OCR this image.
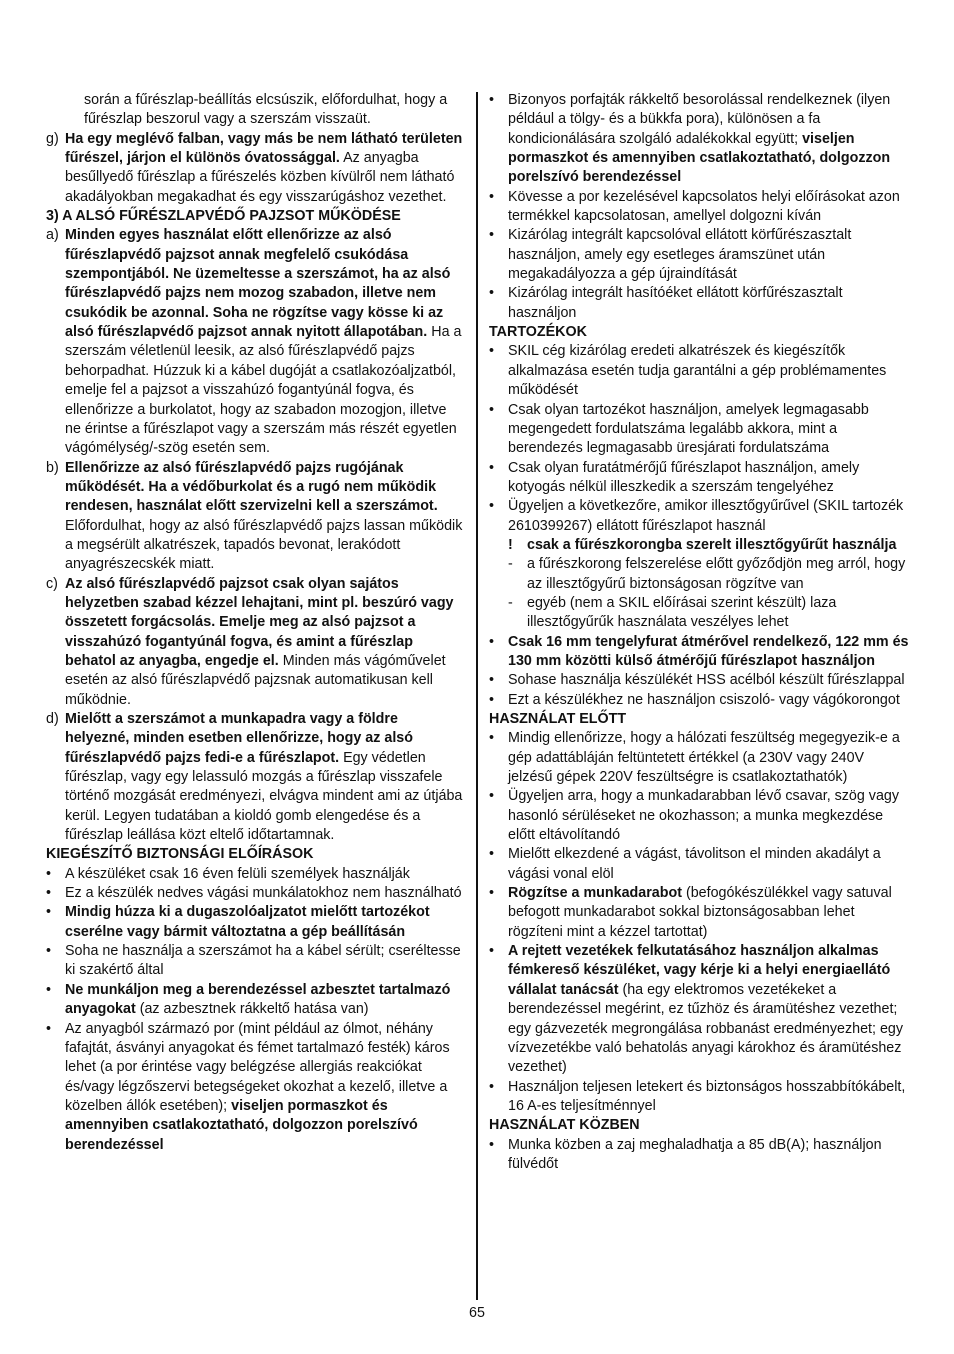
során a fűrészlap-beállítás elcsúszik, előfordulhat, hogy a fűrészlap beszorul vagy a szerszám visszaüt.
g) Ha egy meglévő falban, vagy más be nem látható területen fűrészel, járjon el különös óvatossággal. Az anyagba besűllyedő fűrészlap a fűrészelés közben kívülről nem látható akadályokban megakadhat és egy visszarúgáshoz vezethet.
3) A ALSÓ FŰRÉSZLAPVÉDŐ PAJZSOT MŰKÖDÉSE
a) Minden egyes használat előtt ellenőrizze az alsó fűrészlapvédő pajzsot annak megfelelő csukódása szempontjából. Ne üzemeltesse a szerszámot, ha az alsó fűrészlapvédő pajzs nem mozog szabadon, illetve nem csukódik be azonnal. Soha ne rögzítse vagy kösse ki az alsó fűrészlapvédő pajzsot annak nyitott állapotában. Ha a szerszám véletlenül leesik, az alsó fűrészlapvédő pajzs behorpadhat. Húzzuk ki a kábel dugóját a csatlakozóaljzatból, emelje fel a pajzsot a visszahúzó fogantyúnál fogva, és ellenőrizze a burkolatot, hogy az szabadon mozogjon, illetve ne érintse a fűrészlapot vagy a szerszám más részét egyetlen vágómélység/-szög esetén sem.
b) Ellenőrizze az alsó fűrészlapvédő pajzs rugójának működését. Ha a védőburkolat és a rugó nem működik rendesen, használat előtt szervizelni kell a szerszámot. Előfordulhat, hogy az alsó fűrészlapvédő pajzs lassan működik a megsérült alkatrészek, tapadós bevonat, lerakódott anyagrészecskék miatt.
c) Az alsó fűrészlapvédő pajzsot csak olyan sajátos helyzetben szabad kézzel lehajtani, mint pl. beszúró vagy összetett forgácsolás. Emelje meg az alsó pajzsot a visszahúzó fogantyúnál fogva, és amint a fűrészlap behatol az anyagba, engedje el. Minden más vágóművelet esetén az alsó fűrészlapvédő pajzsnak automatikusan kell működnie.
d) Mielőtt a szerszámot a munkapadra vagy a földre helyezné, minden esetben ellenőrizze, hogy az alsó fűrészlapvédő pajzs fedi-e a fűrészlapot. Egy védetlen fűrészlap, vagy egy lelassuló mozgás a fűrészlap visszafele történő mozgását eredményezi, elvágva mindent ami az útjába kerül. Legyen tudatában a kioldó gomb elengedése és a fűrészlap leállása közt eltelő időtartamnak.
KIEGÉSZÍTŐ BIZTONSÁGI ELŐÍRÁSOK
• A készüléket csak 16 éven felüli személyek használják
• Ez a készülék nedves vágási munkálatokhoz nem használható
• Mindig húzza ki a dugaszolóaljzatot mielőtt tartozékot cserélne vagy bármit változtatna a gép beállításán
• Soha ne használja a szerszámot ha a kábel sérült; cseréltesse ki szakértő által
• Ne munkáljon meg a berendezéssel azbesztet tartalmazó anyagokat (az azbesztnek rákkeltő hatása van)
• Az anyagból származó por (mint például az ólmot, néhány fafajtát, ásványi anyagokat és fémet tartalmazó festék) káros lehet (a por érintése vagy belégzése allergiás reakciókat és/vagy légzőszervi betegségeket okozhat a kezelő, illetve a közelben állók esetében); viseljen pormaszkot és amennyiben csatlakoztatható, dolgozzon porelszívó berendezéssel
• Bizonyos porfajták rákkeltő besorolással rendelkeznek (ilyen például a tölgy- és a bükkfa pora), különösen a fa kondicionálására szolgáló adalékokkal együtt; viseljen pormaszkot és amennyiben csatlakoztatható, dolgozzon porelszívó berendezéssel
• Kövesse a por kezelésével kapcsolatos helyi előírásokat azon termékkel kapcsolatosan, amellyel dolgozni kíván
• Kizárólag integrált kapcsolóval ellátott körfűrészasztalt használjon, amely egy esetleges áramszünet után megakadályozza a gép újraindítását
• Kizárólag integrált hasítóéket ellátott körfűrészasztalt használjon
TARTOZÉKOK
• SKIL cég kizárólag eredeti alkatrészek és kiegészítők alkalmazása esetén tudja garantálni a gép problémamentes működését
• Csak olyan tartozékot használjon, amelyek legmagasabb megengedett fordulatszáma legalább akkora, mint a berendezés legmagasabb üresjárati fordulatszáma
• Csak olyan furatátmérőjű fűrészlapot használjon, amely kotyogás nélkül illeszkedik a szerszám tengelyéhez
• Ügyeljen a következőre, amikor illesztőgyűrűvel (SKIL tartozék 2610399267) ellátott fűrészlapot használ
! csak a fűrészkorongba szerelt illesztőgyűrűt használja
- a fűrészkorong felszerelése előtt győződjön meg arról, hogy az illesztőgyűrű biztonságosan rögzítve van
- egyéb (nem a SKIL előírásai szerint készült) laza illesztőgyűrűk használata veszélyes lehet
• Csak 16 mm tengelyfurat átmérővel rendelkező, 122 mm és 130 mm közötti külső átmérőjű fűrészlapot használjon
• Sohase használja készülékét HSS acélból készült fűrészlappal
• Ezt a készülékhez ne használjon csiszoló- vagy vágókorongot
HASZNÁLAT ELŐTT
• Mindig ellenőrizze, hogy a hálózati feszültség megegyezik-e a gép adattábláján feltüntetett értékkel (a 230V vagy 240V jelzésű gépek 220V feszültségre is csatlakoztathatók)
• Ügyeljen arra, hogy a munkadarabban lévő csavar, szög vagy hasonló sérüléseket ne okozhasson; a munka megkezdése előtt eltávolítandó
• Mielőtt elkezdené a vágást, távolitson el minden akadályt a vágási vonal elöl
• Rögzítse a munkadarabot (befogókészülékkel vagy satuval befogott munkadarabot sokkal biztonságosabban lehet rögzíteni mint a kézzel tartottat)
• A rejtett vezetékek felkutatásához használjon alkalmas fémkereső készüléket, vagy kérje ki a helyi energiaellátó vállalat tanácsát (ha egy elektromos vezetékeket a berendezéssel megérint, ez tűzhöz és áramütéshez vezethet; egy gázvezeték megrongálása robbanást eredményezhet; egy vízvezetékbe való behatolás anyagi károkhoz és áramütéshez vezethet)
• Használjon teljesen letekert és biztonságos hosszabbítókábelt, 16 A-es teljesítménnyel
HASZNÁLAT KÖZBEN
• Munka közben a zaj meghaladhatja a 85 dB(A); használjon fülvédőt
65
